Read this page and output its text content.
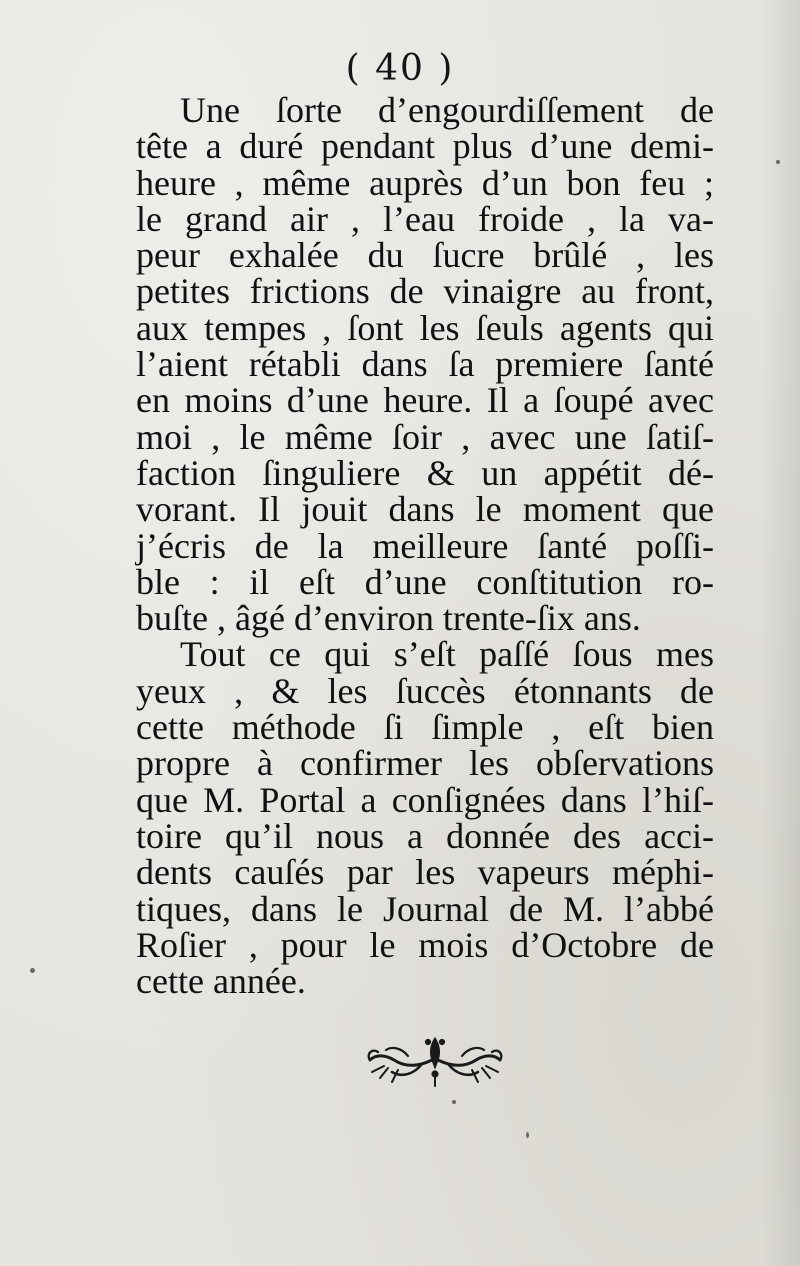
( 40 )
Une ſorte d’engourdiſſement de
tête a duré pendant plus d’une demi-
heure , même auprès d’un bon feu ;
le grand air , l’eau froide , la va-
peur exhalée du ſucre brûlé , les
petites frictions de vinaigre au front,
aux tempes , ſont les ſeuls agents qui
l’aient rétabli dans ſa premiere ſanté
en moins d’une heure. Il a ſoupé avec
moi , le même ſoir , avec une ſatiſ-
faction ſinguliere & un appétit dé-
vorant. Il jouit dans le moment que
j’écris de la meilleure ſanté poſſi-
ble : il eſt d’une conſtitution ro-
buſte , âgé d’environ trente-ſix ans.
Tout ce qui s’eſt paſſé ſous mes
yeux , & les ſuccès étonnants de
cette méthode ſi ſimple , eſt bien
propre à confirmer les obſervations
que M. Portal a conſignées dans l’hiſ-
toire qu’il nous a donnée des acci-
dents cauſés par les vapeurs méphi-
tiques, dans le Journal de M. l’abbé
Roſier , pour le mois d’Octobre de
cette année.
